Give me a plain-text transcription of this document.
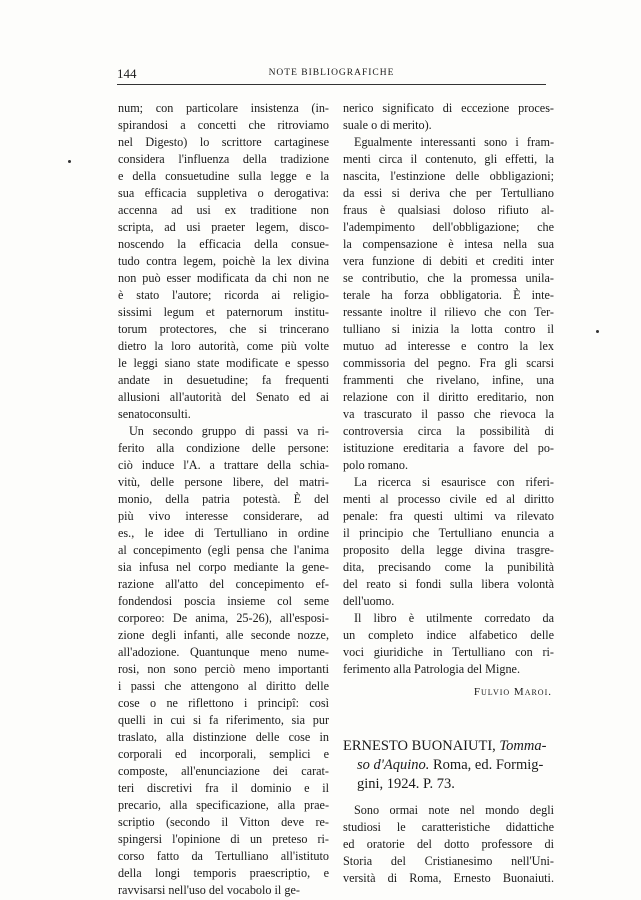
144	NOTE BIBLIOGRAFICHE
num; con particolare insistenza (in-
spirandosi a concetti che ritroviamo
nel Digesto) lo scrittore cartaginese
considera l'influenza della tradizione
e della consuetudine sulla legge e la
sua efficacia suppletiva o derogativa:
accenna ad usi ex traditione non
scripta, ad usi praeter legem, disco-
noscendo la efficacia della consue-
tudo contra legem, poichè la lex divina
non può esser modificata da chi non ne
è stato l'autore; ricorda ai religio-
sissimi legum et paternorum institu-
torum protectores, che si trincerano
dietro la loro autorità, come più volte
le leggi siano state modificate e spesso
andate in desuetudine; fa frequenti
allusioni all'autorità del Senato ed ai
senatoconsulti.
Un secondo gruppo di passi va ri-
ferito alla condizione delle persone:
ciò induce l'A. a trattare della schia-
vitù, delle persone libere, del matri-
monio, della patria potestà. È del
più vivo interesse considerare, ad
es., le idee di Tertulliano in ordine
al concepimento (egli pensa che l'anima
sia infusa nel corpo mediante la gene-
razione all'atto del concepimento ef-
fondendosi poscia insieme col seme
corporeo: De anima, 25-26), all'esposi-
zione degli infanti, alle seconde nozze,
all'adozione. Quantunque meno nume-
rosi, non sono perciò meno importanti
i passi che attengono al diritto delle
cose o ne riflettono i principî: così
quelli in cui si fa riferimento, sia pur
traslato, alla distinzione delle cose in
corporali ed incorporali, semplici e
composte, all'enunciazione dei carat-
teri discretivi fra il dominio e il
precario, alla specificazione, alla prae-
scriptio (secondo il Vitton deve re-
spingersi l'opinione di un preteso ri-
corso fatto da Tertulliano all'istituto
della longi temporis praescriptio, e
ravvisarsi nell'uso del vocabolo il ge-
nerico significato di eccezione proces-
suale o di merito).
Egualmente interessanti sono i fram-
menti circa il contenuto, gli effetti, la
nascita, l'estinzione delle obbligazioni;
da essi si deriva che per Tertulliano
fraus è qualsiasi doloso rifiuto al-
l'adempimento dell'obbligazione; che
la compensazione è intesa nella sua
vera funzione di debiti et crediti inter
se contributio, che la promessa unila-
terale ha forza obbligatoria. È inte-
ressante inoltre il rilievo che con Ter-
tulliano si inizia la lotta contro il
mutuo ad interesse e contro la lex
commissoria del pegno. Fra gli scarsi
frammenti che rivelano, infine, una
relazione con il diritto ereditario, non
va trascurato il passo che rievoca la
controversia circa la possibilità di
istituzione ereditaria a favore del po-
polo romano.
La ricerca si esaurisce con riferi-
menti al processo civile ed al diritto
penale: fra questi ultimi va rilevato
il principio che Tertulliano enuncia a
proposito della legge divina trasgre-
dita, precisando come la punibilità
del reato si fondi sulla libera volontà
dell'uomo.
Il libro è utilmente corredato da
un completo indice alfabetico delle
voci giuridiche in Tertulliano con ri-
ferimento alla Patrologia del Migne.
Fulvio Maroi.
ERNESTO BUONAIUTI, Tomma-
so d'Aquino. Roma, ed. Formig-
gini, 1924. P. 73.
Sono ormai note nel mondo degli
studiosi le caratteristiche didattiche
ed oratorie del dotto professore di
Storia del Cristianesimo nell'Uni-
versità di Roma, Ernesto Buonaiuti.
